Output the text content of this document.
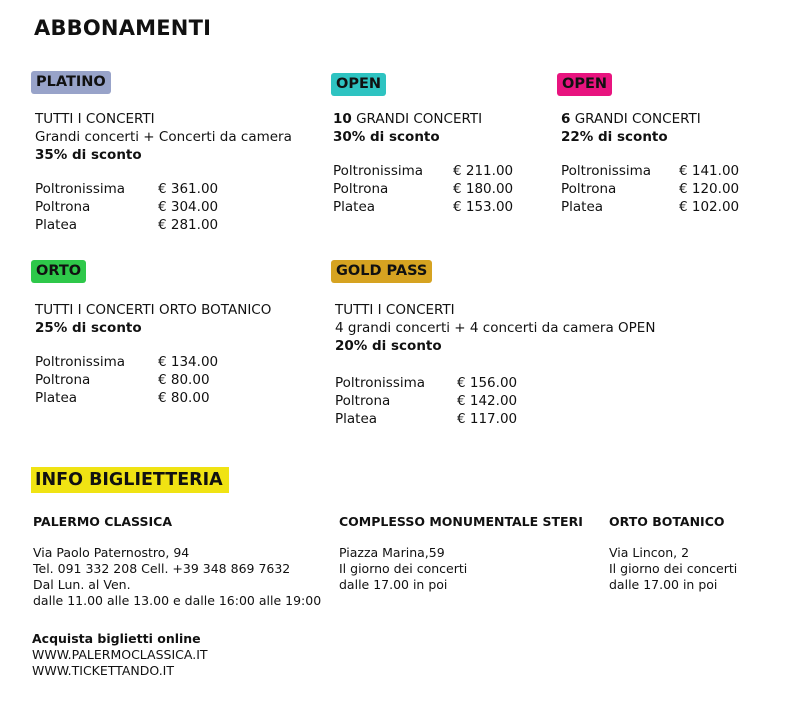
ABBONAMENTI
PLATINO	OPEN	OPEN
ORTO	GOLD PASS
TUTTI I CONCERTI
Grandi concerti + Concerti da camera
35% di sconto
Poltronissima	€ 361.00
Poltrona	€ 304.00
Platea	€ 281.00
10 GRANDI CONCERTI
30% di sconto
Poltronissima	€ 211.00
Poltrona	€ 180.00
Platea	€ 153.00
6 GRANDI CONCERTI
22% di sconto
Poltronissima	€ 141.00
Poltrona	€ 120.00
Platea	€ 102.00
TUTTI I CONCERTI ORTO BOTANICO
25% di sconto
Poltronissima	€ 134.00
Poltrona	€ 80.00
Platea	€ 80.00
TUTTI I CONCERTI
4 grandi concerti + 4 concerti da camera OPEN
20% di sconto
Poltronissima	€ 156.00
Poltrona	€ 142.00
Platea	€ 117.00
INFO BIGLIETTERIA
PALERMO CLASSICA
Via Paolo Paternostro, 94
Tel. 091 332 208 Cell. +39 348 869 7632
Dal Lun. al Ven.
dalle 11.00 alle 13.00 e dalle 16:00 alle 19:00
COMPLESSO MONUMENTALE STERI
Piazza Marina,59
Il giorno dei concerti
dalle 17.00 in poi
ORTO BOTANICO
Via Lincon, 2
Il giorno dei concerti
dalle 17.00 in poi
Acquista biglietti online
WWW.PALERMOCLASSICA.IT
WWW.TICKETTANDO.IT
